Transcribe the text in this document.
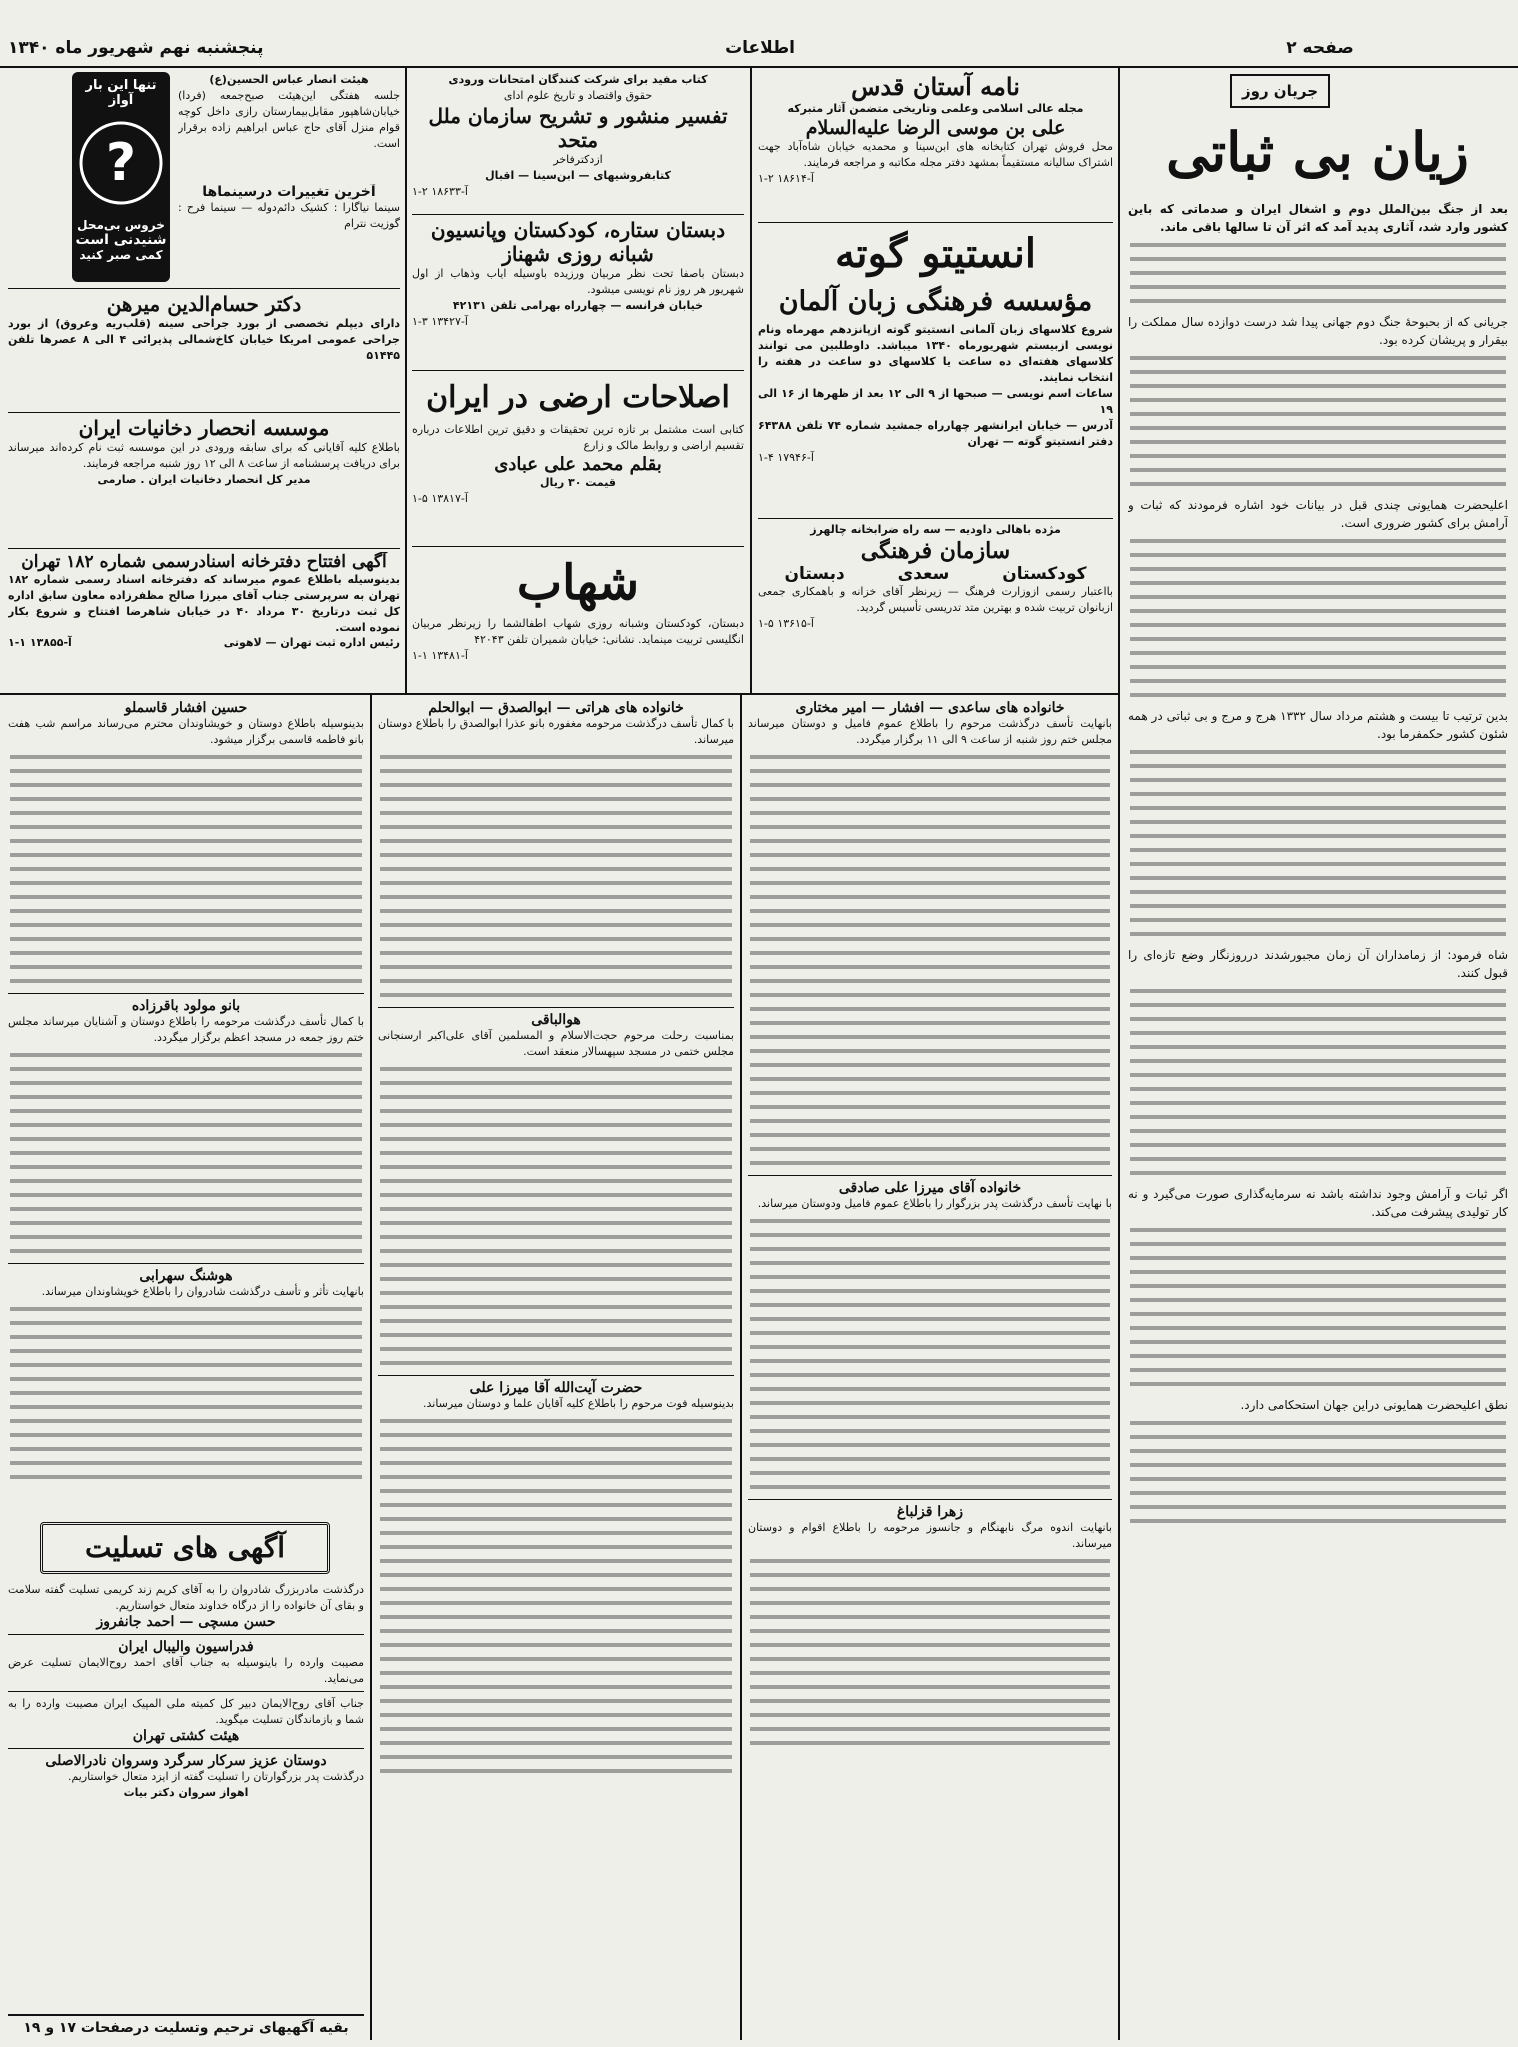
پنجشنبه نهم شهریور ماه ۱۳۴۰	اطلاعات	صفحه ۲
جریان روز
زیان بی ثباتی

بعد از جنگ بین‌الملل دوم و اشغال ایران و صدماتی که باین کشور وارد شد، آثاری پدید آمد که اثر آن تا سالها باقی ماند.

جریانی که از بحبوحهٔ جنگ دوم جهانی پیدا شد درست دوازده سال مملکت را بیقرار و پریشان کرده بود.

اعلیحضرت همایونی چندی قبل در بیانات خود اشاره فرمودند که ثبات و آرامش برای کشور ضروری است.

بدین ترتیب تا بیست و هشتم مرداد سال ۱۳۳۲ هرج و مرج و بی ثباتی در همه شئون کشور حکمفرما بود.

شاه فرمود: از زمامداران آن زمان مجبورشدند درروزنگار وضع تازه‌ای را قبول کنند.

اگر ثبات و آرامش وجود نداشته باشد نه سرمایه‌گذاری صورت می‌گیرد و نه کار تولیدی پیشرفت می‌کند.

نطق اعلیحضرت همایونی دراین جهان استحکامی دارد.

نامه آستان قدس
مجله عالی اسلامی وعلمی وتاریخی متضمن آثار متبرکه
علی بن موسی الرضا علیه‌السلام
محل فروش تهران کتابخانه های ابن‌سینا و محمدیه خیابان شاه‌آباد جهت اشتراک سالیانه مستقیماً بمشهد دفتر مجله مکاتبه و مراجعه فرمایند.
آ-۱۸۶۱۴ ۲-۱
انستیتو گوته
مؤسسه فرهنگی زبان آلمان
شروع کلاسهای زبان آلمانی انستیتو گوته ازپانزدهم مهرماه ونام نویسی ازبیستم شهریورماه ۱۳۴۰ میباشد. داوطلبین می توانند کلاسهای هفته‌ای ده ساعت یا کلاسهای دو ساعت در هفته را انتخاب نمایند.
ساعات اسم نویسی — صبحها از ۹ الی ۱۲ بعد از ظهرها از ۱۶ الی ۱۹
آدرس — خیابان ایرانشهر چهارراه جمشید شماره ۷۴ تلفن ۶۴۳۸۸ دفتر انستیتو گوته — تهران
آ-۱۷۹۴۶ ۴-۱
مژده باهالی داودیه — سه راه ضرابخانه چالهرز
سازمان فرهنگی
کودکستان
سعدی
دبستان
بااعتبار رسمی ازوزارت فرهنگ — زیرنظر آقای خزانه و باهمکاری جمعی ازبانوان تربیت شده و بهترین متد تدریسی تأسیس گردید.
آ-۱۳۶۱۵ ۵-۱
کتاب مفید برای شرکت کنندگان امتحانات ورودی
حقوق واقتصاد و تاریخ علوم ادای
تفسیر منشور و تشریح سازمان ملل متحد
ازدکترفاخر
کتابفروشیهای — ابن‌سینا — اقبال
آ-۱۸۶۳۳ ۲-۱
دبستان ستاره، کودکستان وپانسیون شبانه روزی شهناز
دبستان باصفا تحت نظر مربیان ورزیده باوسیله ایاب وذهاب از اول شهریور هر روز نام نویسی میشود.
خیابان فرانسه — چهارراه بهرامی تلفن ۴۲۱۳۱
آ-۱۳۴۲۷ ۳-۱
اصلاحات ارضی در ایران
کتابی است مشتمل بر تازه ترین تحقیقات و دقیق ترین اطلاعات درباره تقسیم اراضی و روابط مالک و زارع
بقلم محمد علی عبادی
قیمت ۳۰ ریال
آ-۱۳۸۱۷ ۵-۱
شهاب
دبستان، کودکستان وشبانه روزی شهاب اطفالشما را زیرنظر مربیان انگلیسی تربیت مینماید. نشانی: خیابان شمیران تلفن ۴۲۰۴۳
آ-۱۳۴۸۱ ۱-۱
تنها این بار آواز
?
خروس بی‌محل
شنیدنی است
کمی صبر کنید
هیئت انصار عباس الحسین(ع)
جلسه هفتگی این‌هیئت صبح‌جمعه (فردا) خیابان‌شاهپور مقابل‌بیمارستان رازی داخل کوچه قوام منزل آقای حاج عباس ابراهیم زاده برقرار است.
آخرین تغییرات درسینماها
سینما نیاگارا : کشیک دائم‌دوله — سینما فرح : گوزیت نترام
دکتر حسام‌الدین میرهن
دارای دیپلم تخصصی از بورد جراحی سینه (قلب‌ریه وعروق) از بورد جراحی عمومی امریکا خیابان کاخ‌شمالی پذیرائی ۴ الی ۸ عصرها تلفن ۵۱۴۴۵
موسسه انحصار دخانیات ایران
باطلاع کلیه آقایانی که برای سابقه ورودی در این موسسه ثبت نام کرده‌اند میرساند برای دریافت پرسشنامه از ساعت ۸ الی ۱۲ روز شنبه مراجعه فرمایند.
مدیر کل انحصار دخانیات ایران . صارمی
آگهی افتتاح دفترخانه اسنادرسمی شماره ۱۸۲ تهران
بدینوسیله باطلاع عموم میرساند که دفترخانه اسناد رسمی شماره ۱۸۲ تهران به سرپرستی جناب آقای میرزا صالح مظفرزاده معاون سابق اداره کل ثبت درتاریخ ۳۰ مرداد ۴۰ در خیابان شاهرضا افتتاح و شروع بکار نموده است.
رئیس اداره ثبت تهران — لاهوتی
آ-۱۳۸۵۵ ۱-۱
خانواده های ساعدی — افشار — امیر مختاری
بانهایت تأسف درگذشت مرحوم را باطلاع عموم فامیل و دوستان میرساند مجلس ختم روز شنبه از ساعت ۹ الی ۱۱ برگزار میگردد.
خانواده آقای میرزا علی صادقی
با نهایت تأسف درگذشت پدر بزرگوار را باطلاع عموم فامیل ودوستان میرساند.
زهرا قزلباغ
بانهایت اندوه مرگ نابهنگام و جانسوز مرحومه را باطلاع اقوام و دوستان میرساند.
خانواده های هراتی — ابوالصدق — ابوالحلم
با کمال تأسف درگذشت مرحومه مغفوره بانو عذرا ابوالصدق را باطلاع دوستان میرساند.
هوالباقی
بمناسبت رحلت مرحوم حجت‌الاسلام و المسلمین آقای علی‌اکبر ارسنجانی مجلس ختمی در مسجد سپهسالار منعقد است.
حضرت آیت‌الله آقا میرزا علی
بدینوسیله فوت مرحوم را باطلاع کلیه آقایان علما و دوستان میرساند.
حسین افشار قاسملو
بدینوسیله باطلاع دوستان و خویشاوندان محترم می‌رساند مراسم شب هفت بانو فاطمه قاسمی برگزار میشود.
بانو مولود باقرزاده
با کمال تأسف درگذشت مرحومه را باطلاع دوستان و آشنایان میرساند مجلس ختم روز جمعه در مسجد اعظم برگزار میگردد.
هوشنگ سهرابی
بانهایت تأثر و تأسف درگذشت شادروان را باطلاع خویشاوندان میرساند.
آگهی های تسلیت
درگذشت مادربزرگ شادروان را به آقای کریم زند کریمی تسلیت گفته سلامت و بقای آن خانواده را از درگاه خداوند متعال خواستاریم.
حسن مسچی — احمد جانفروز
فدراسیون والیبال ایران
مصیبت وارده را باینوسیله به جناب آقای احمد روح‌الایمان تسلیت عرض می‌نماید.
جناب آقای روح‌الایمان دبیر کل کمیته ملی المپیک ایران مصیبت وارده را به شما و بازماندگان تسلیت میگوید.
هیئت کشتی تهران
دوستان عزیز سرکار سرگرد وسروان نادرالاصلی
درگذشت پدر بزرگوارتان را تسلیت گفته از ایزد متعال خواستاریم.
اهواز سروان دکتر بیات
بقیه آگهیهای ترحیم وتسلیت درصفحات ۱۷ و ۱۹
